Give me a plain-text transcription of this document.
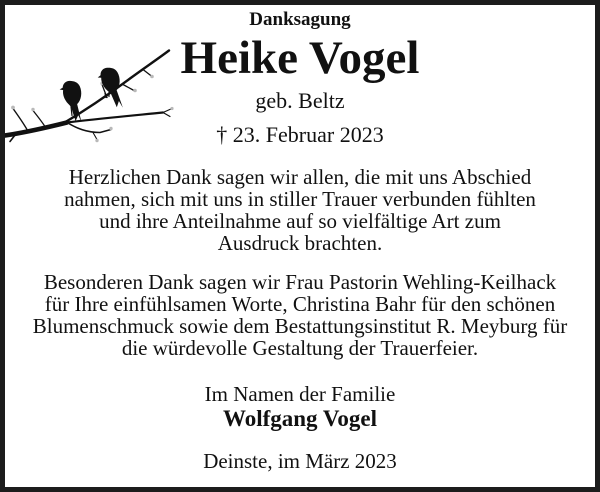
Danksagung
Heike Vogel
geb. Beltz
† 23. Februar 2023
Herzlichen Dank sagen wir allen, die mit uns Abschied
nahmen, sich mit uns in stiller Trauer verbunden fühlten
und ihre Anteilnahme auf so vielfältige Art zum
Ausdruck brachten.
Besonderen Dank sagen wir Frau Pastorin Wehling-Keilhack
für Ihre einfühlsamen Worte, Christina Bahr für den schönen
Blumenschmuck sowie dem Bestattungsinstitut R. Meyburg für
die würdevolle Gestaltung der Trauerfeier.
Im Namen der Familie
Wolfgang Vogel
Deinste, im März 2023
